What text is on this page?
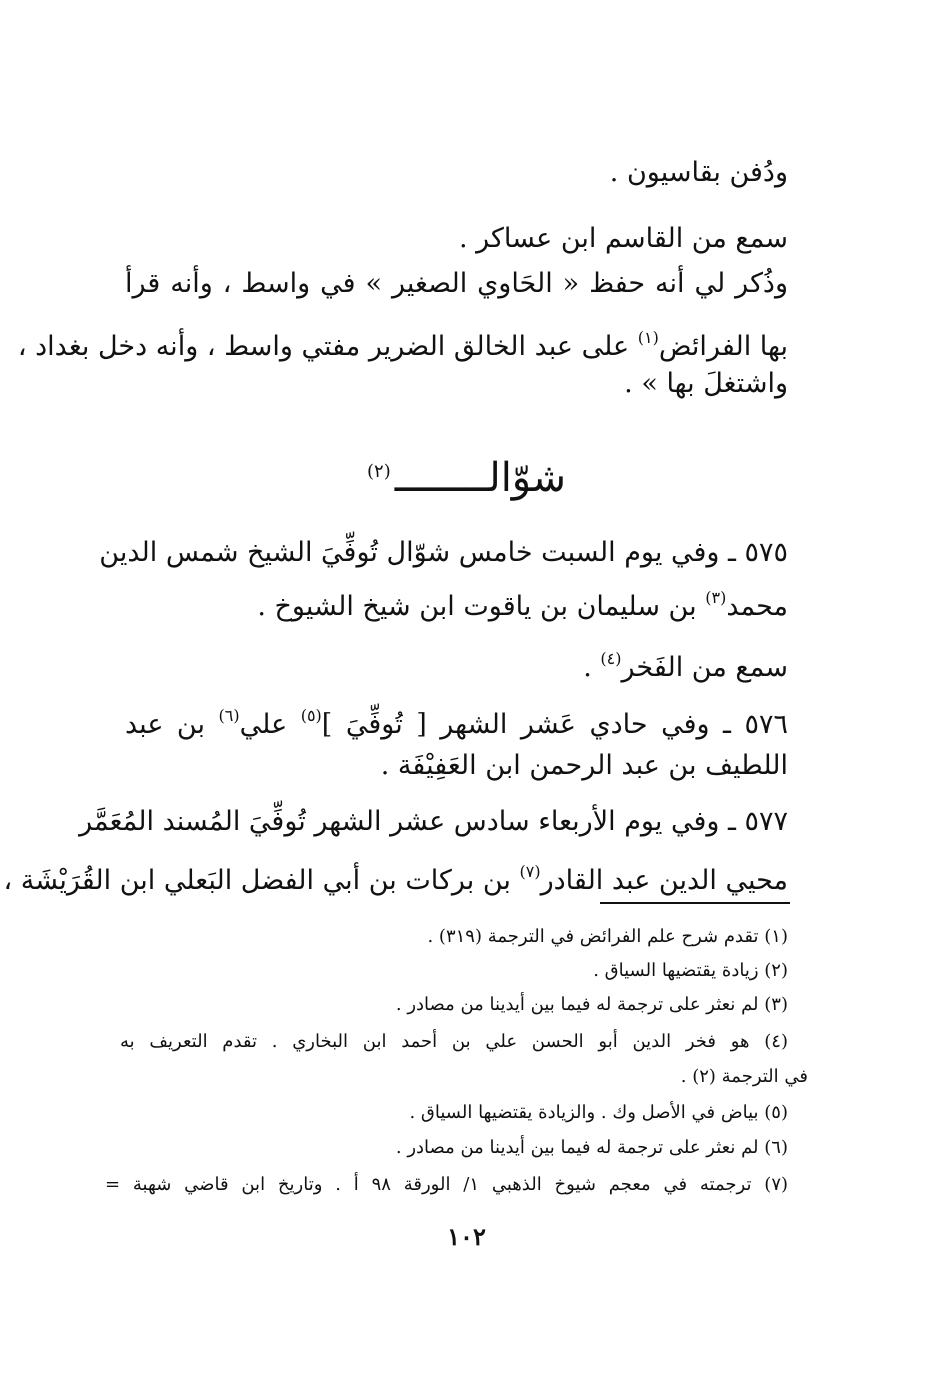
ودُفن بقاسيون .
سمع من القاسم ابن عساكر .
وذُكر لي أنه حفظ « الحَاوي الصغير » في واسط ، وأنه قرأ
بها الفرائض$^{(١)}$ على عبد الخالق الضرير مفتي واسط ، وأنه دخل بغداد ،
واشتغلَ بها » .
شوّالــــــــ$^{(٢)}$
٥٧٥ ـ وفي يوم السبت خامس شوّال تُوفِّيَ الشيخ شمس الدين
محمد$^{(٣)}$ بن سليمان بن ياقوت ابن شيخ الشيوخ .
سمع من الفَخر$^{(٤)}$ .
٥٧٦ ـ وفي حادي عَشر الشهر [ تُوفِّيَ ]$^{(٥)}$ علي$^{(٦)}$ بن عبد
اللطيف بن عبد الرحمن ابن العَفِيْفَة .
٥٧٧ ـ وفي يوم الأربعاء سادس عشر الشهر تُوفِّيَ المُسند المُعَمَّر
محيي الدين عبد القادر$^{(٧)}$ بن بركات بن أبي الفضل البَعلي ابن القُرَيْشَة ،
(١) تقدم شرح علم الفرائض في الترجمة (٣١٩) .
(٢) زيادة يقتضيها السياق .
(٣) لم نعثر على ترجمة له فيما بين أيدينا من مصادر .
(٤) هو فخر الدين أبو الحسن علي بن أحمد ابن البخاري . تقدم التعريف به
في الترجمة (٢) .
(٥) بياض في الأصل وك . والزيادة يقتضيها السياق .
(٦) لم نعثر على ترجمة له فيما بين أيدينا من مصادر .
(٧) ترجمته في معجم شيوخ الذهبي ١/ الورقة ٩٨ أ . وتاريخ ابن قاضي شهبة =
١٠٢
